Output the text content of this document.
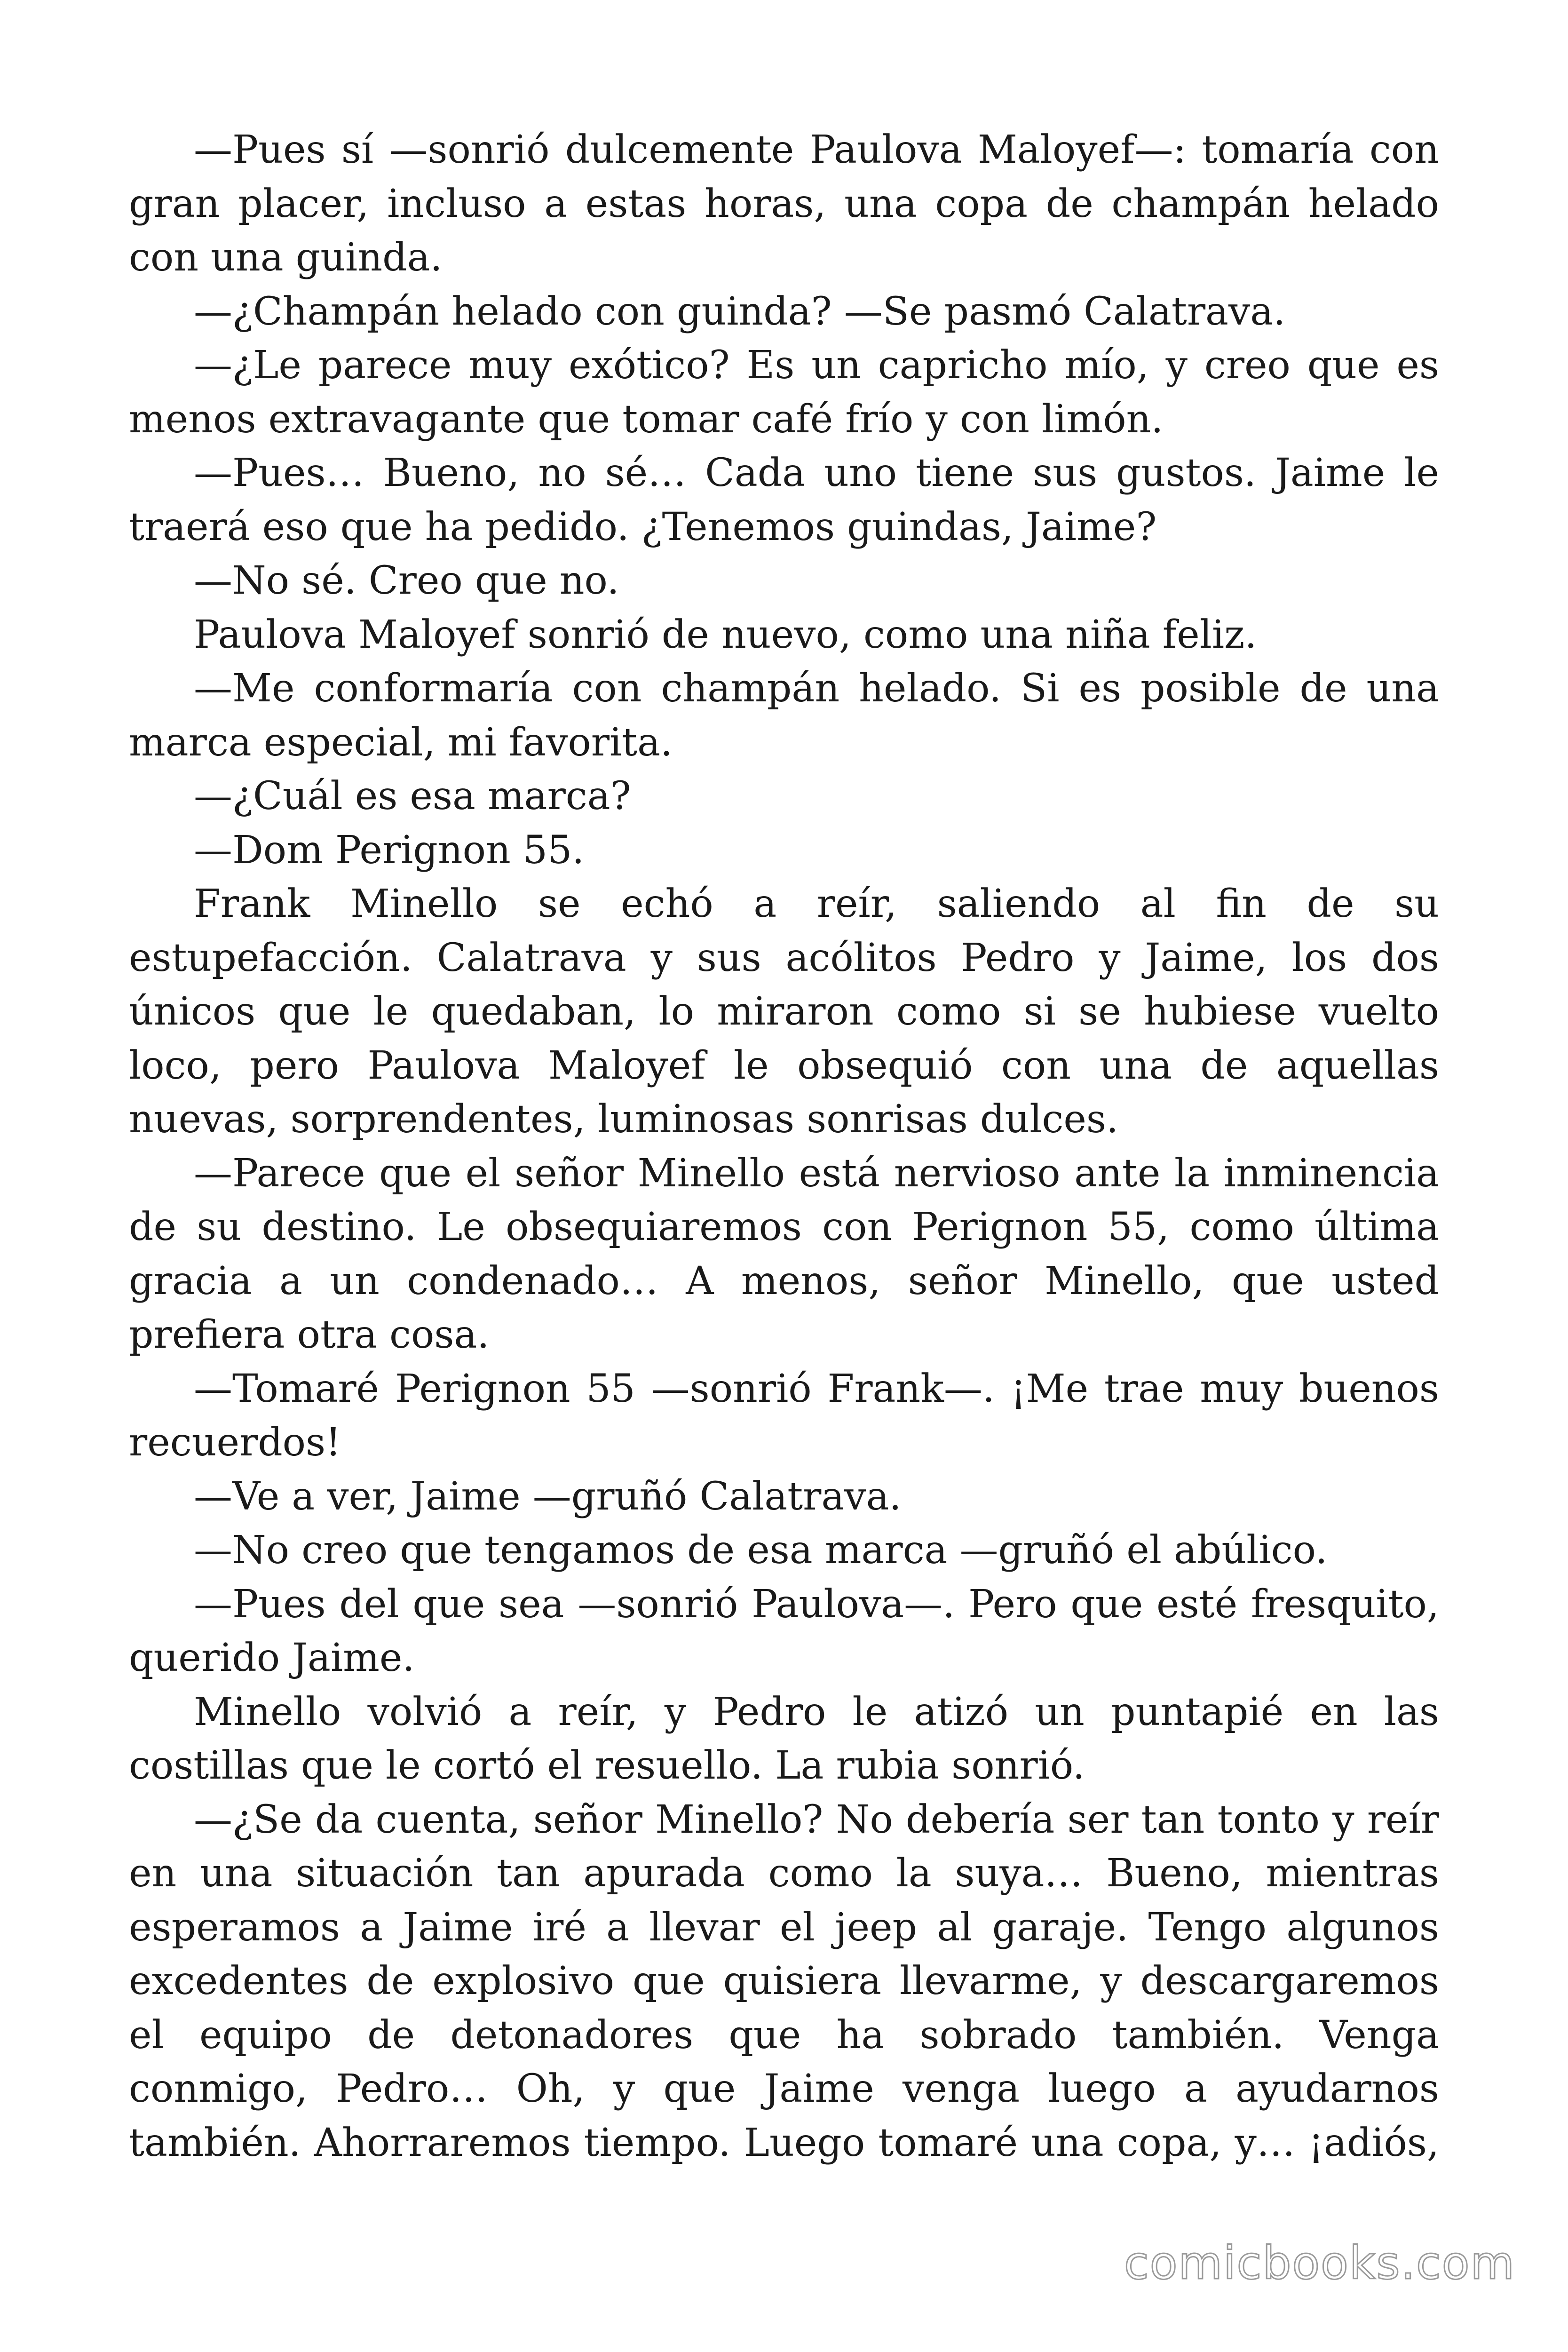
—Pues sí —sonrió dulcemente Paulova Maloyef—: tomaría con gran placer, incluso a estas horas, una copa de champán helado con una guinda.

—¿Champán helado con guinda? —Se pasmó Calatrava.

—¿Le parece muy exótico? Es un capricho mío, y creo que es menos extravagante que tomar café frío y con limón.

—Pues… Bueno, no sé… Cada uno tiene sus gustos. Jaime le traerá eso que ha pedido. ¿Tenemos guindas, Jaime?

—No sé. Creo que no.

Paulova Maloyef sonrió de nuevo, como una niña feliz.

—Me conformaría con champán helado. Si es posible de una marca especial, mi favorita.

—¿Cuál es esa marca?

—Dom Perignon 55.

Frank Minello se echó a reír, saliendo al fin de su estupefacción. Calatrava y sus acólitos Pedro y Jaime, los dos únicos que le quedaban, lo miraron como si se hubiese vuelto loco, pero Paulova Maloyef le obsequió con una de aquellas nuevas, sorprendentes, luminosas sonrisas dulces.

—Parece que el señor Minello está nervioso ante la inminencia de su destino. Le obsequiaremos con Perignon 55, como última gracia a un condenado… A menos, señor Minello, que usted prefiera otra cosa.

—Tomaré Perignon 55 —sonrió Frank—. ¡Me trae muy buenos recuerdos!

—Ve a ver, Jaime —gruñó Calatrava.

—No creo que tengamos de esa marca —gruñó el abúlico.

—Pues del que sea —sonrió Paulova—. Pero que esté fresquito, querido Jaime.

Minello volvió a reír, y Pedro le atizó un puntapié en las costillas que le cortó el resuello. La rubia sonrió.

—¿Se da cuenta, señor Minello? No debería ser tan tonto y reír en una situación tan apurada como la suya… Bueno, mientras esperamos a Jaime iré a llevar el jeep al garaje. Tengo algunos excedentes de explosivo que quisiera llevarme, y descargaremos el equipo de detonadores que ha sobrado también. Venga conmigo, Pedro… Oh, y que Jaime venga luego a ayudarnos también. Ahorraremos tiempo. Luego tomaré una copa, y… ¡adiós,

comicbooks.com
